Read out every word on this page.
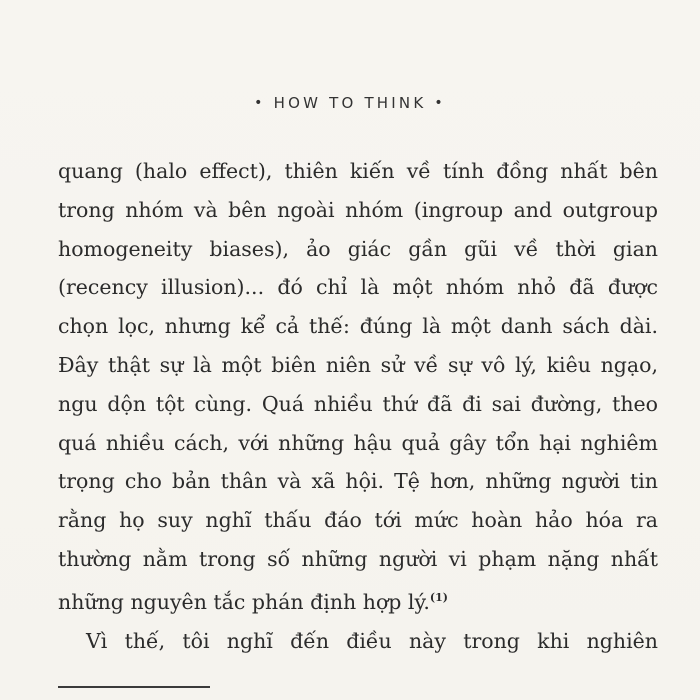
• HOW TO THINK •
quang (halo effect), thiên kiến về tính đồng nhất bên
trong nhóm và bên ngoài nhóm (ingroup and outgroup
homogeneity biases), ảo giác gần gũi về thời gian
(recency illusion)... đó chỉ là một nhóm nhỏ đã được
chọn lọc, nhưng kể cả thế: đúng là một danh sách dài.
Đây thật sự là một biên niên sử về sự vô lý, kiêu ngạo,
ngu dộn tột cùng. Quá nhiều thứ đã đi sai đường, theo
quá nhiều cách, với những hậu quả gây tổn hại nghiêm
trọng cho bản thân và xã hội. Tệ hơn, những người tin
rằng họ suy nghĩ thấu đáo tới mức hoàn hảo hóa ra
thường nằm trong số những người vi phạm nặng nhất
những nguyên tắc phán định hợp lý.$^{(1)}$
Vì thế, tôi nghĩ đến điều này trong khi nghiên
